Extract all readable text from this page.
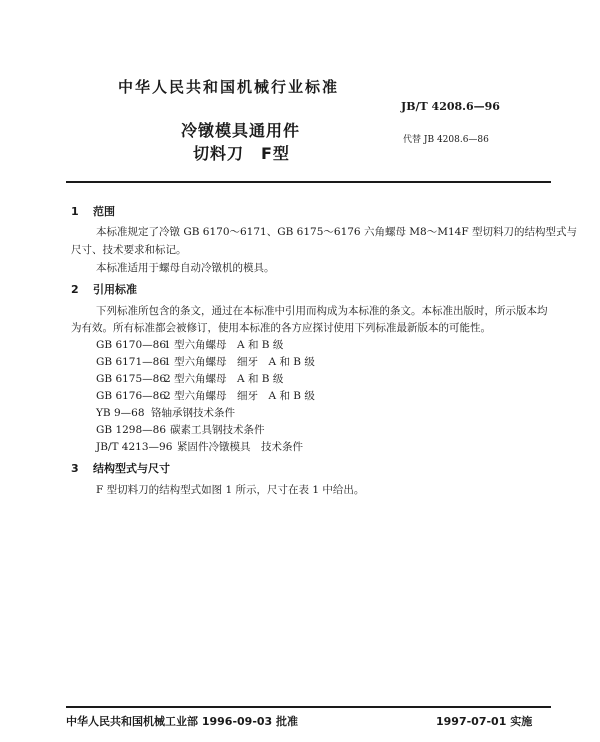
中华人民共和国机械行业标准
JB/T 4208.6—96
冷镦模具通用件
切料刀　F型
代替 JB 4208.6—86
1 范围
本标准规定了冷镦 GB 6170～6171、GB 6175～6176 六角螺母 M8～M14F 型切料刀的结构型式与
尺寸、技术要求和标记。
本标准适用于螺母自动冷镦机的模具。
2 引用标准
下列标准所包含的条文，通过在本标准中引用而构成为本标准的条文。本标准出版时，所示版本均
为有效。所有标准都会被修订，使用本标准的各方应探讨使用下列标准最新版本的可能性。
GB 6170—861 型六角螺母　A 和 B 级
GB 6171—861 型六角螺母　细牙　A 和 B 级
GB 6175—862 型六角螺母　A 和 B 级
GB 6176—862 型六角螺母　细牙　A 和 B 级
YB 9—68 铬轴承钢技术条件
GB 1298—86 碳素工具钢技术条件
JB/T 4213—96 紧固件冷镦模具　技术条件
3 结构型式与尺寸
F 型切料刀的结构型式如图 1 所示，尺寸在表 1 中给出。
中华人民共和国机械工业部 1996-09-03 批准	1997-07-01 实施
